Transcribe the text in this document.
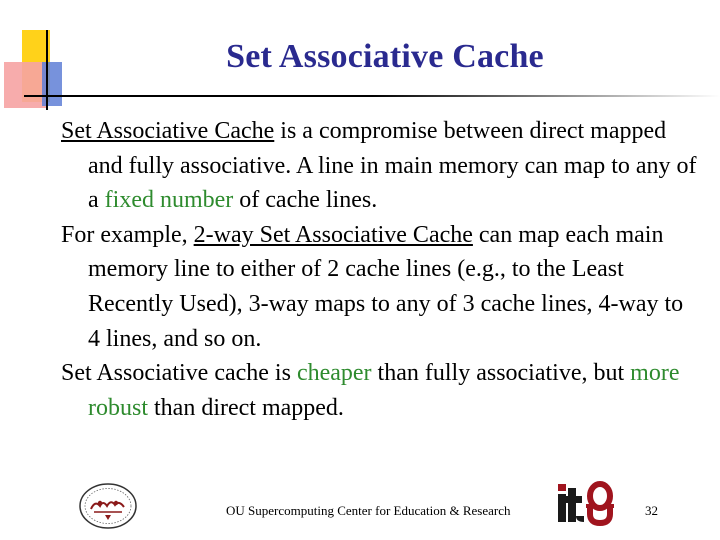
Set Associative Cache

Set Associative Cache is a compromise between direct mapped and fully associative. A line in main memory can map to any of a fixed number of cache lines.

For example, 2-way Set Associative Cache can map each main memory line to either of 2 cache lines (e.g., to the Least Recently Used), 3-way maps to any of 3 cache lines, 4-way to 4 lines, and so on.

Set Associative cache is cheaper than fully associative, but more robust than direct mapped.

OU Supercomputing Center for Education & Research	32
